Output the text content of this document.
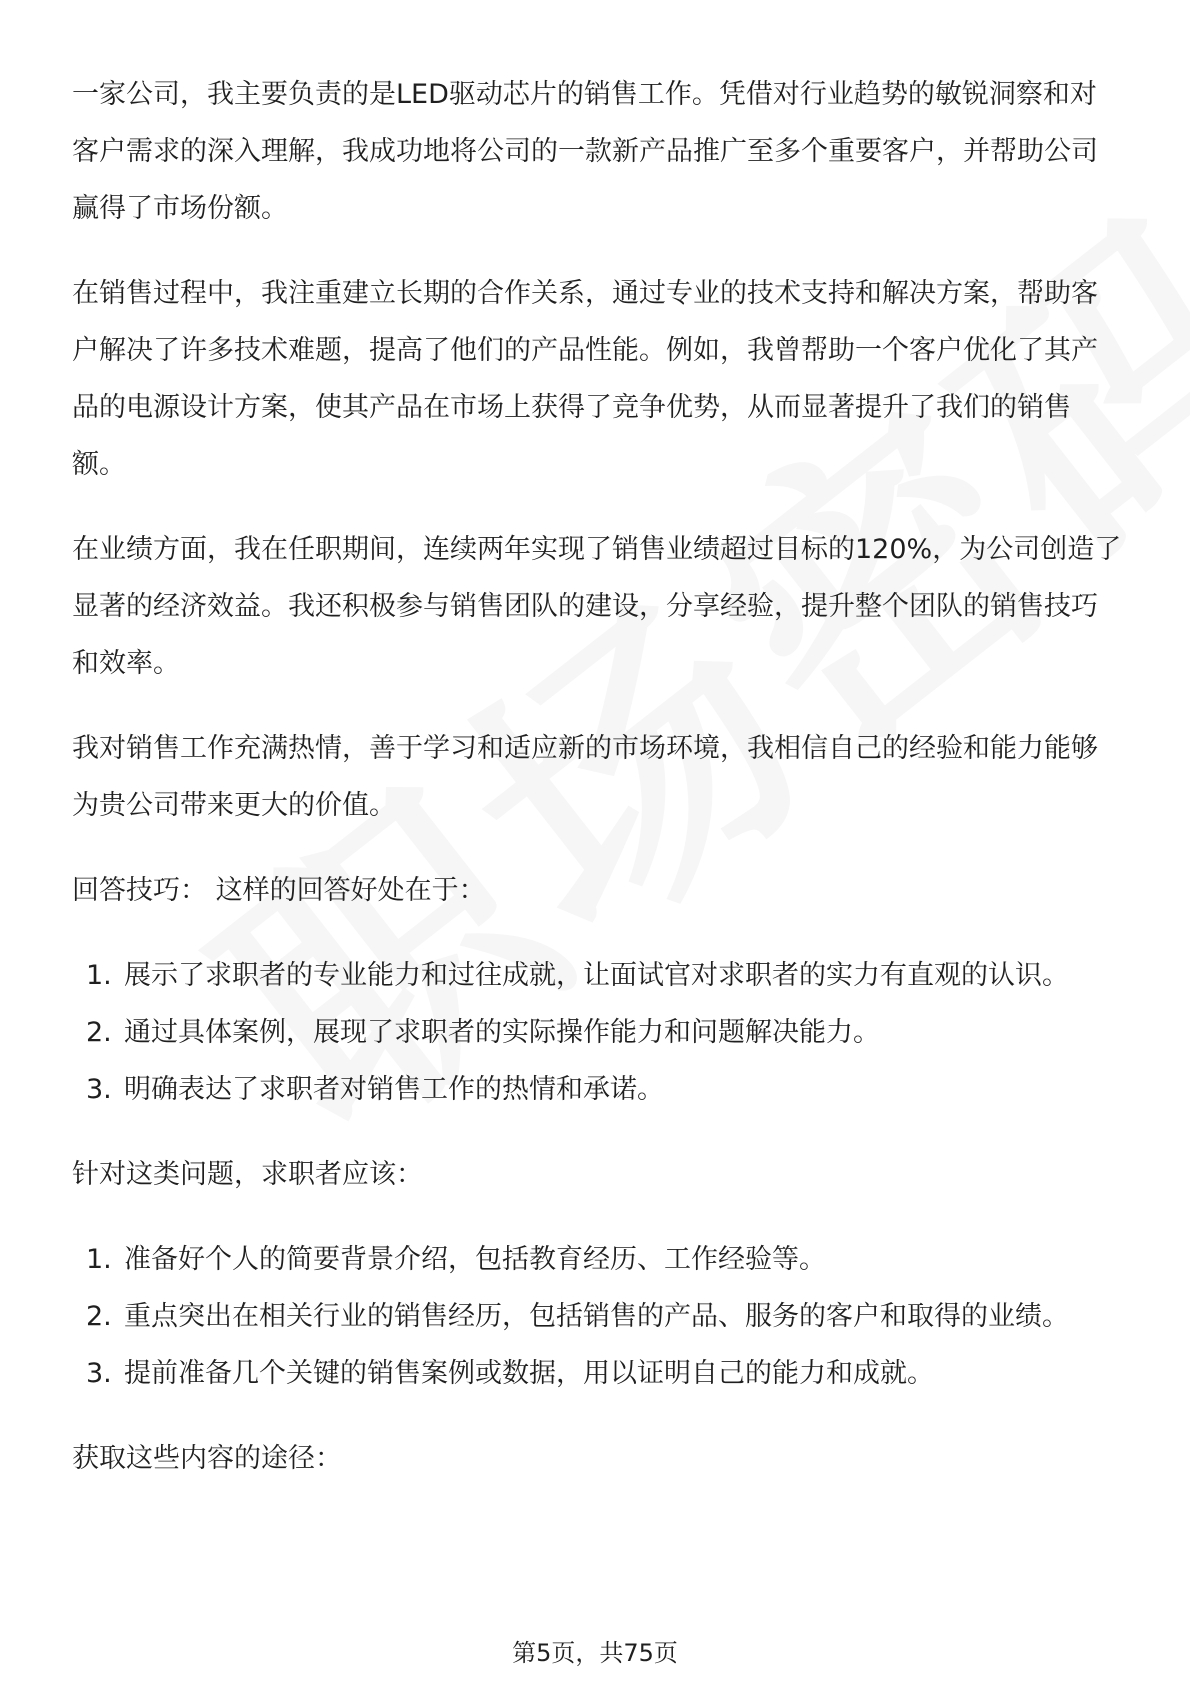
一家公司，我主要负责的是LED驱动芯片的销售工作。凭借对行业趋势的敏锐洞察和对客户需求的深入理解，我成功地将公司的一款新产品推广至多个重要客户，并帮助公司赢得了市场份额。

在销售过程中，我注重建立长期的合作关系，通过专业的技术支持和解决方案，帮助客户解决了许多技术难题，提高了他们的产品性能。例如，我曾帮助一个客户优化了其产品的电源设计方案，使其产品在市场上获得了竞争优势，从而显著提升了我们的销售额。

在业绩方面，我在任职期间，连续两年实现了销售业绩超过目标的120%，为公司创造了显著的经济效益。我还积极参与销售团队的建设，分享经验，提升整个团队的销售技巧和效率。

我对销售工作充满热情，善于学习和适应新的市场环境，我相信自己的经验和能力能够为贵公司带来更大的价值。

回答技巧： 这样的回答好处在于：

1. 展示了求职者的专业能力和过往成就，让面试官对求职者的实力有直观的认识。
2. 通过具体案例，展现了求职者的实际操作能力和问题解决能力。
3. 明确表达了求职者对销售工作的热情和承诺。

针对这类问题，求职者应该：

1. 准备好个人的简要背景介绍，包括教育经历、工作经验等。
2. 重点突出在相关行业的销售经历，包括销售的产品、服务的客户和取得的业绩。
3. 提前准备几个关键的销售案例或数据，用以证明自己的能力和成就。

获取这些内容的途径：

第5页，共75页
